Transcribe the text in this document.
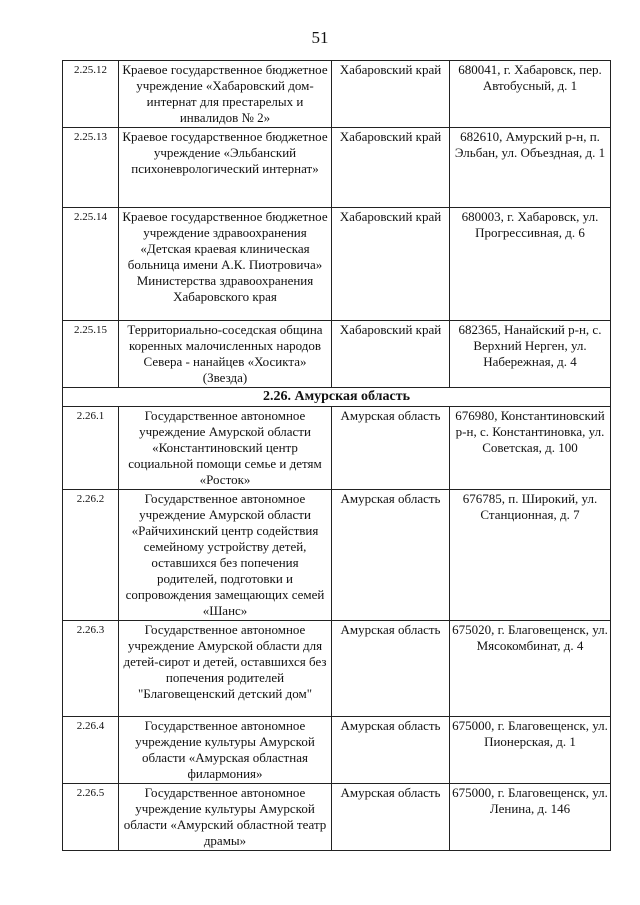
51
2.25.12	Краевое государственное бюджетное учреждение «Хабаровский дом-интернат для престарелых и инвалидов № 2»	Хабаровский край	680041, г. Хабаровск, пер. Автобусный, д. 1
2.25.13	Краевое государственное бюджетное учреждение «Эльбанский психоневрологический интернат»	Хабаровский край	682610, Амурский р-н, п. Эльбан, ул. Объездная, д. 1
2.25.14	Краевое государственное бюджетное учреждение здравоохранения «Детская краевая клиническая больница имени А.К. Пиотровича» Министерства здравоохранения Хабаровского края	Хабаровский край	680003, г. Хабаровск, ул. Прогрессивная, д. 6
2.25.15	Территориально-соседская община коренных малочисленных народов Севера - нанайцев «Хосикта» (Звезда)	Хабаровский край	682365, Нанайский р-н, с. Верхний Нерген, ул. Набережная, д. 4
2.26. Амурская область			
2.26.1	Государственное автономное учреждение Амурской области «Константиновский центр социальной помощи семье и детям «Росток»	Амурская область	676980, Константиновский р-н, с. Константиновка, ул. Советская, д. 100
2.26.2	Государственное автономное учреждение Амурской области «Райчихинский центр содействия семейному устройству детей, оставшихся без попечения родителей, подготовки и сопровождения замещающих семей «Шанс»	Амурская область	676785, п. Широкий, ул. Станционная, д. 7
2.26.3	Государственное автономное учреждение Амурской области для детей-сирот и детей, оставшихся без попечения родителей "Благовещенский детский дом"	Амурская область	675020, г. Благовещенск, ул. Мясокомбинат, д. 4
2.26.4	Государственное автономное учреждение культуры Амурской области «Амурская областная филармония»	Амурская область	675000, г. Благовещенск, ул. Пионерская, д. 1
2.26.5	Государственное автономное учреждение культуры Амурской области «Амурский областной театр драмы»	Амурская область	675000, г. Благовещенск, ул. Ленина, д. 146
